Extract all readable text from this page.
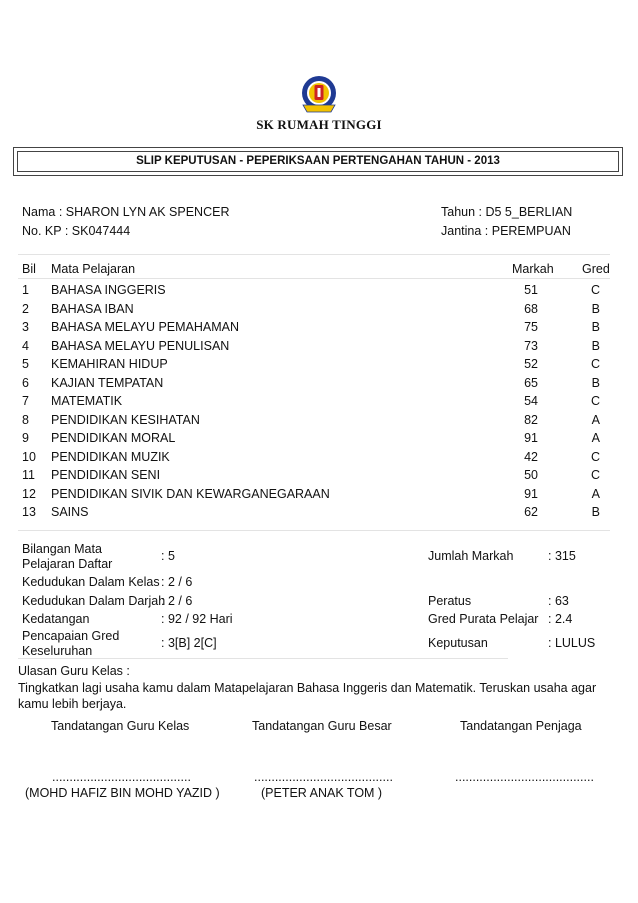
SK RUMAH TINGGI
SLIP KEPUTUSAN - PEPERIKSAAN PERTENGAHAN TAHUN - 2013
Nama : SHARON LYN AK SPENCER
No. KP : SK047444
Tahun : D5 5_BERLIAN
Jantina : PEREMPUAN
Bil Mata Pelajaran	Markah Gred
1 BAHASA INGGERIS	51	C
2 BAHASA IBAN	68	B
3 BAHASA MELAYU PEMAHAMAN	75	B
4 BAHASA MELAYU PENULISAN	73	B
5 KEMAHIRAN HIDUP	52	C
6 KAJIAN TEMPATAN	65	B
7 MATEMATIK	54	C
8 PENDIDIKAN KESIHATAN	82	A
9 PENDIDIKAN MORAL	91	A
10 PENDIDIKAN MUZIK	42	C
11 PENDIDIKAN SENI	50	C
12 PENDIDIKAN SIVIK DAN KEWARGANEGARAAN	91	A
13 SAINS	62	B
Bilangan Mata Pelajaran Daftar
: 5	Jumlah Markah	: 315
Kedudukan Dalam Kelas : 2 / 6
Kedudukan Dalam Darjah
: 2 / 6	Peratus	: 63
Kedatangan	: 92 / 92 Hari	Gred Purata Pelajar : 2.4
Pencapaian Gred Keseluruhan
: 3[B] 2[C]	Keputusan	: LULUS
Ulasan Guru Kelas :
Tingkatkan lagi usaha kamu dalam Matapelajaran Bahasa Inggeris dan Matematik. Teruskan usaha agar kamu lebih berjaya.
Tandatangan Guru Kelas	Tandatangan Guru Besar	Tandatangan Penjaga
........................................	........................................	........................................
(MOHD HAFIZ BIN MOHD YAZID )	(PETER ANAK TOM )
